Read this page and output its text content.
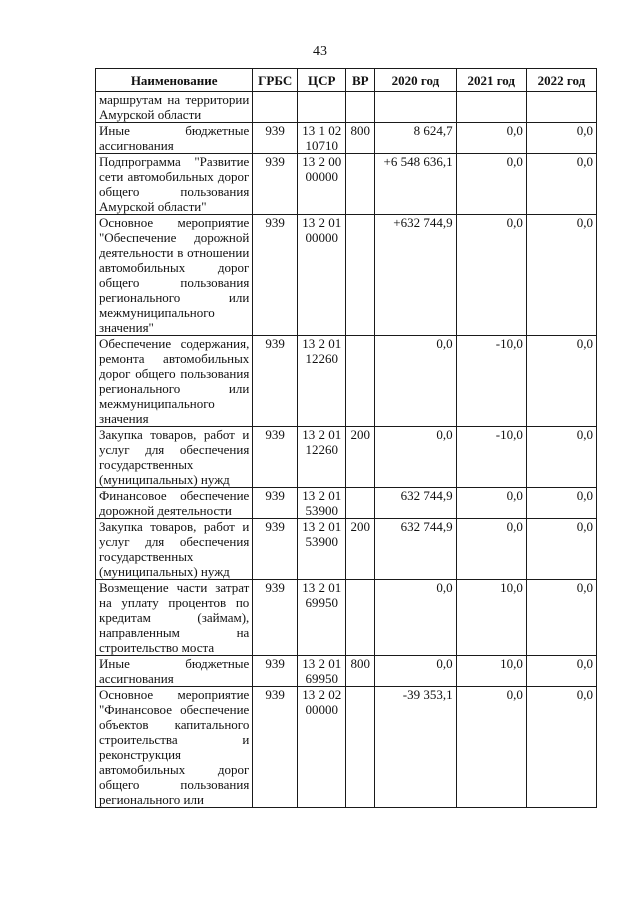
43
Наименование	ГРБС	ЦСР	ВР	2020 год	2021 год	2022 год
маршрутам на территории Амурской области						
Иные бюджетные ассигнования	939	13 1 02 10710	800	8 624,7	0,0	0,0
Подпрограмма "Развитие сети автомобильных дорог общего пользования Амурской области"	939	13 2 00 00000		+6 548 636,1	0,0	0,0
Основное мероприятие "Обеспечение дорожной деятельности в отношении автомобильных дорог общего пользования регионального или межмуниципального значения"	939	13 2 01 00000		+632 744,9	0,0	0,0
Обеспечение содержания, ремонта автомобильных дорог общего пользования регионального или межмуниципального значения	939	13 2 01 12260		0,0	-10,0	0,0
Закупка товаров, работ и услуг для обеспечения государственных (муниципальных) нужд	939	13 2 01 12260	200	0,0	-10,0	0,0
Финансовое обеспечение дорожной деятельности	939	13 2 01 53900		632 744,9	0,0	0,0
Закупка товаров, работ и услуг для обеспечения государственных (муниципальных) нужд	939	13 2 01 53900	200	632 744,9	0,0	0,0
Возмещение части затрат на уплату процентов по кредитам (займам), направленным на строительство моста	939	13 2 01 69950		0,0	10,0	0,0
Иные бюджетные ассигнования	939	13 2 01 69950	800	0,0	10,0	0,0
Основное мероприятие "Финансовое обеспечение объектов капитального строительства и реконструкция автомобильных дорог общего пользования регионального или	939	13 2 02 00000		-39 353,1	0,0	0,0
